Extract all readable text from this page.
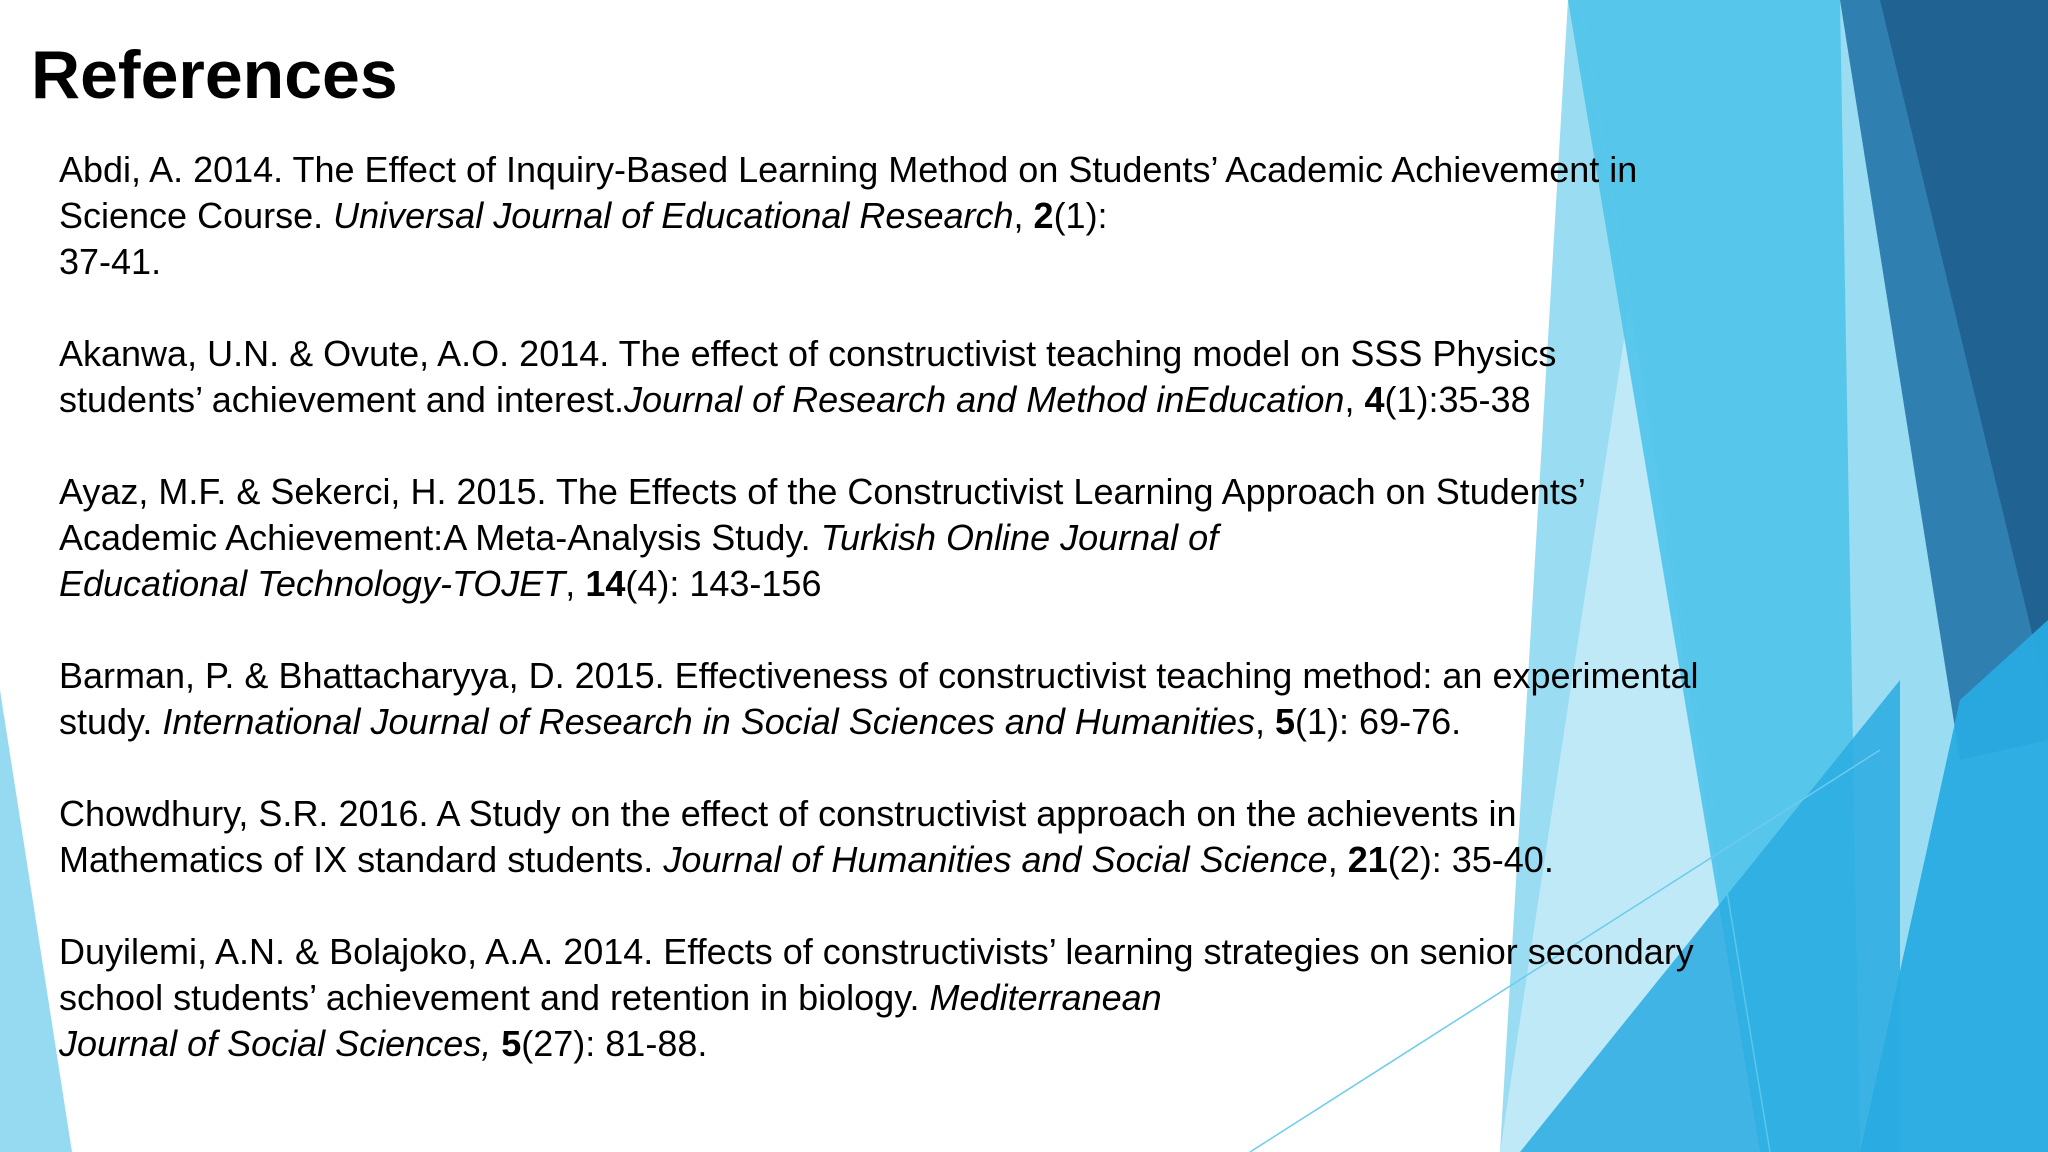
References

Abdi, A. 2014. The Effect of Inquiry-Based Learning Method on Students’ Academic Achievement in
Science Course. Universal Journal of Educational Research, 2(1):
37-41.

Akanwa, U.N. & Ovute, A.O. 2014. The effect of constructivist teaching model on SSS Physics
students’ achievement and interest.Journal of Research and Method inEducation, 4(1):35-38

Ayaz, M.F. & Sekerci, H. 2015. The Effects of the Constructivist Learning Approach on Students’
Academic Achievement:A Meta-Analysis Study. Turkish Online Journal of
Educational Technology-TOJET, 14(4): 143-156

Barman, P. & Bhattacharyya, D. 2015. Effectiveness of constructivist teaching method: an experimental
study. International Journal of Research in Social Sciences and Humanities, 5(1): 69-76.

Chowdhury, S.R. 2016. A Study on the effect of constructivist approach on the achievents in
Mathematics of IX standard students. Journal of Humanities and Social Science, 21(2): 35-40.

Duyilemi, A.N. & Bolajoko, A.A. 2014. Effects of constructivists’ learning strategies on senior secondary
school students’ achievement and retention in biology. Mediterranean
Journal of Social Sciences, 5(27): 81-88.
